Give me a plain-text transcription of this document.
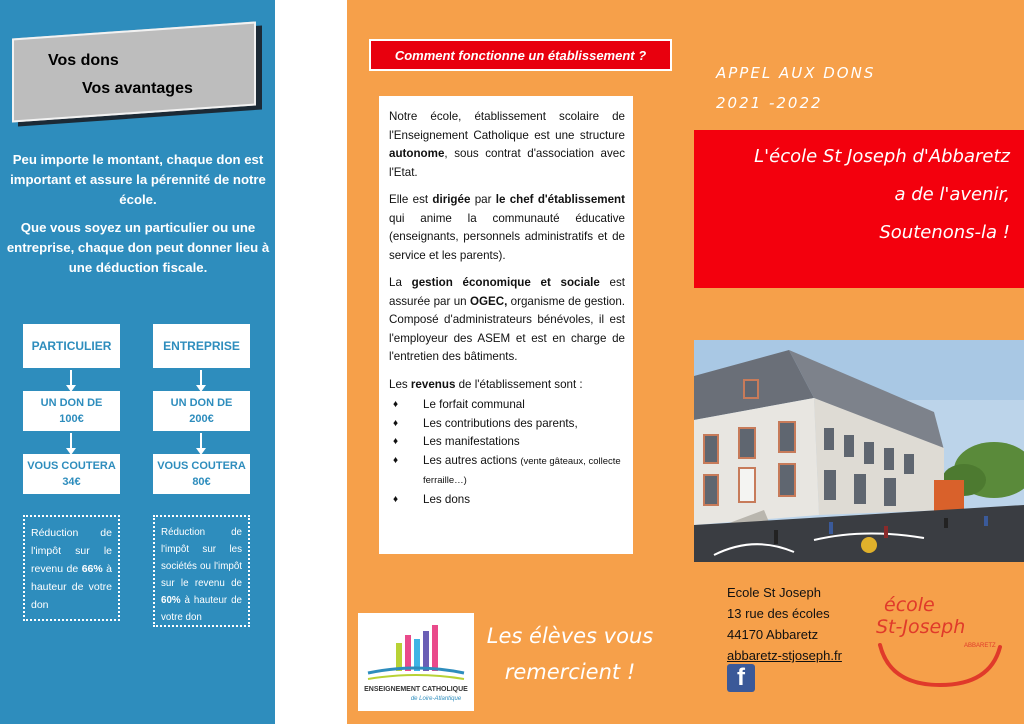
Vos dons
Vos avantages

Peu importe le montant, chaque don est important et assure la pérennité de notre école.

Que vous soyez un particulier ou une entreprise, chaque don peut donner lieu à une déduction fiscale.

PARTICULIER
UN DON DE
100€
VOUS COUTERA
34€
Réduction de l'impôt sur le revenu de 66% à hauteur de votre don
ENTREPRISE
UN DON DE
200€
VOUS COUTERA
80€
Réduction de l'impôt sur les sociétés ou l'impôt sur le revenu de 60% à hauteur de votre don
Comment fonctionne un établissement ?

Notre école, établissement scolaire de l'Enseignement Catholique est une structure autonome, sous contrat d'association avec l'Etat.

Elle est dirigée par le chef d'établissement qui anime la communauté éducative (enseignants, personnels administratifs et de service et les parents).

La gestion économique et sociale est assurée par un OGEC, organisme de gestion. Composé d'administrateurs bénévoles, il est l'employeur des ASEM et est en charge de l'entretien des bâtiments.

Les revenus de l'établissement sont :

♦ Le forfait communal
♦ Les contributions des parents,
♦ Les manifestations
♦ Les autres actions (vente gâteaux, collecte ferraille…)
♦ Les dons
ENSEIGNEMENT CATHOLIQUE
de Loire-Atlantique
Les élèves vous
remercient !
APPEL AUX DONS
2021 -2022
L'école St Joseph d'Abbaretz
a de l'avenir,
Soutenons-la !
Ecole St Joseph
13 rue des écoles
44170 Abbaretz
abbaretz-stjoseph.fr
f
école
St-Joseph
ABBARETZ
